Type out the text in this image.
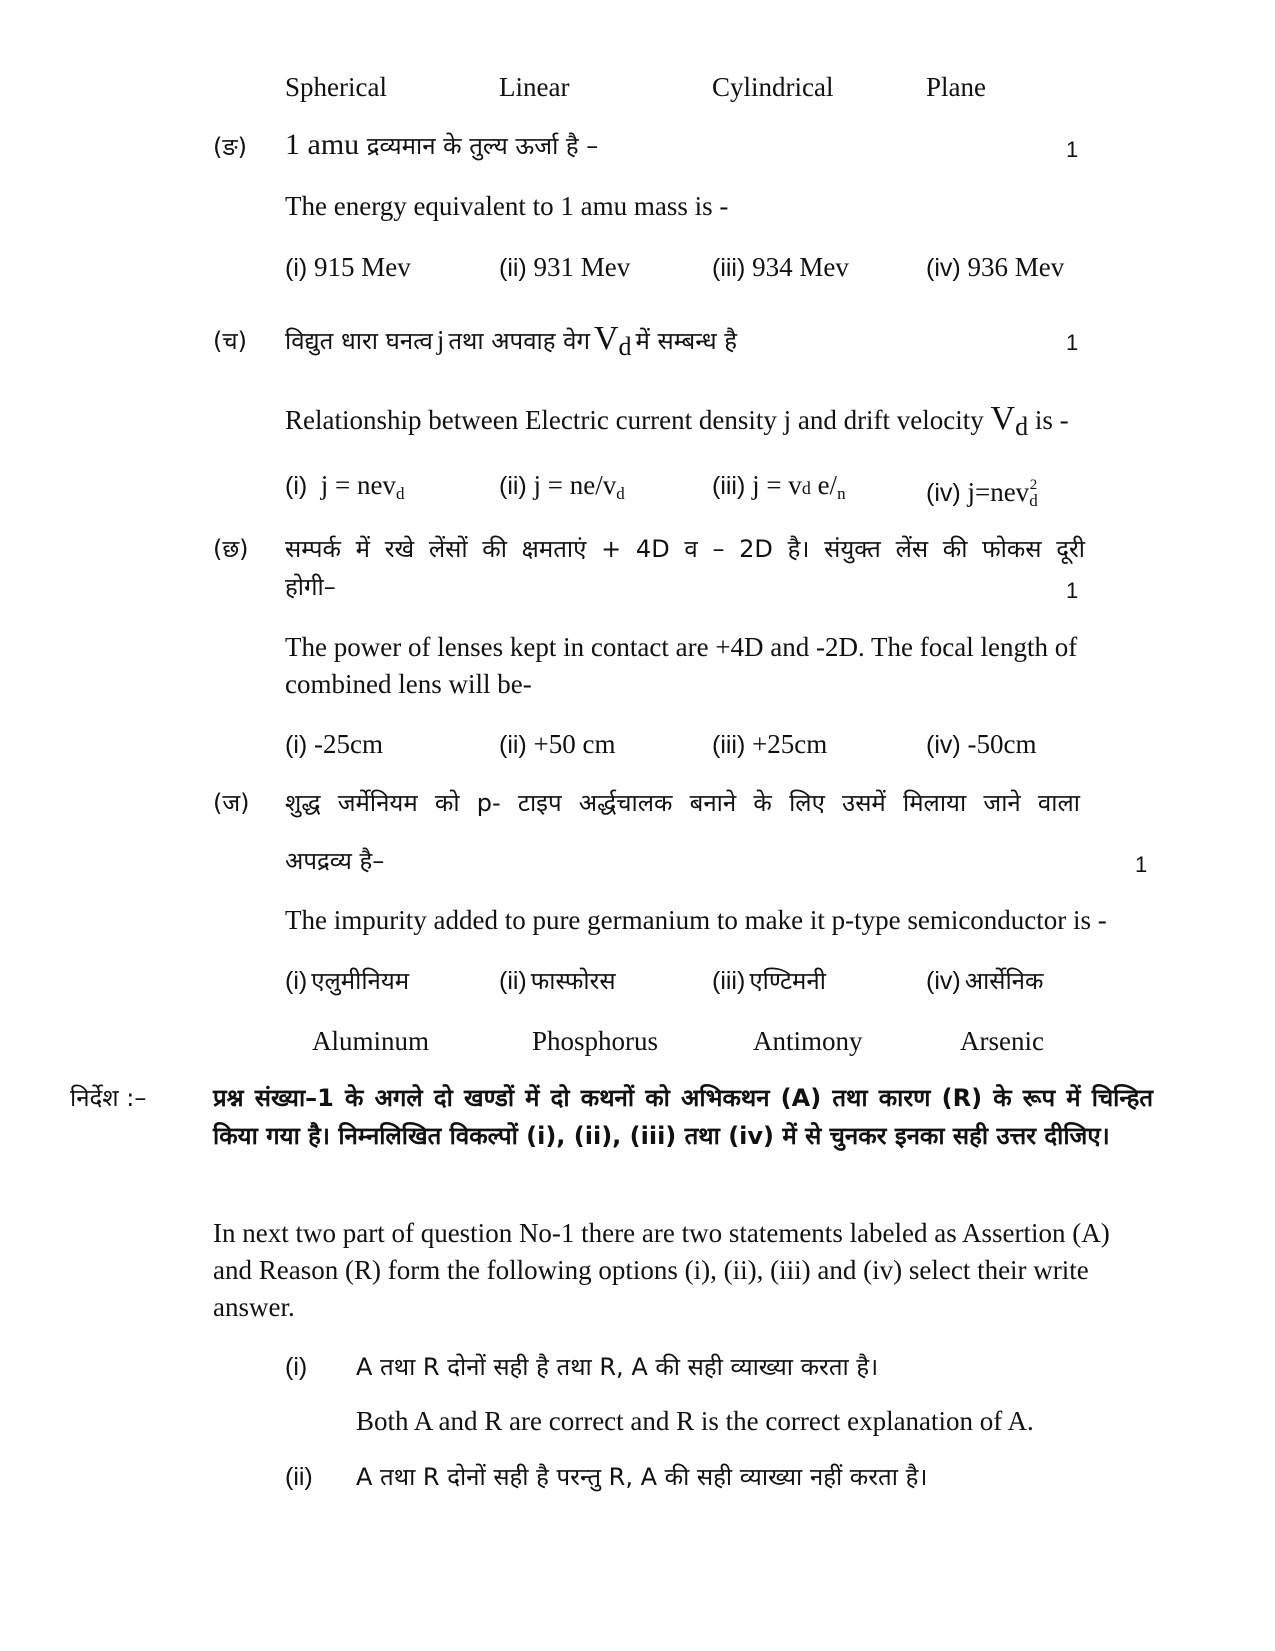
Spherical	Linear	Cylindrical	Plane
(ङ) 1 amu द्रव्यमान के तुल्य ऊर्जा है –	1
The energy equivalent to 1 amu mass is -
(i) 915 Mev	(ii) 931 Mev	(iii) 934 Mev	(iv) 936 Mev
(च) विद्युत धारा घनत्व j तथा अपवाह वेग Vd में सम्बन्ध है	1
Relationship between Electric current density j and drift velocity Vd is -
(i) j = nev$_d$	(ii) $j = ne/v_d$	(iii) j = vd $e/_n$	(iv) j=nev$_d^2$
(छ) सम्पर्क में रखे लेंसों की क्षमताएं + 4D व – 2D है। संयुक्त लेंस की फोकस दूरी
होगी–	1
The power of lenses kept in contact are +4D and -2D. The focal length of combined lens will be-
(i) -25cm	(ii) +50 cm	(iii) +25cm	(iv) -50cm
(ज) शुद्ध जर्मेनियम को p- टाइप अर्द्धचालक बनाने के लिए उसमें मिलाया जाने वाला
अपद्रव्य है–	1
The impurity added to pure germanium to make it p-type semiconductor is -
(i) एलुमीनियम	(ii) फास्फोरस	(iii) एण्टिमनी	(iv) आर्सेनिक
Aluminum	Phosphorus	Antimony	Arsenic
निर्देश :–	प्रश्न संख्या–1 के अगले दो खण्डों में दो कथनों को अभिकथन (A) तथा कारण (R) के रूप में चिन्हित किया गया है। निम्नलिखित विकल्पों (i), (ii), (iii) तथा (iv) में से चुनकर इनका सही उत्तर दीजिए।
In next two part of question No-1 there are two statements labeled as Assertion (A) and Reason (R) form the following options (i), (ii), (iii) and (iv) select their write answer.
(i) A तथा R दोनों सही है तथा R, A की सही व्याख्या करता है।
Both A and R are correct and R is the correct explanation of A.
(ii) A तथा R दोनों सही है परन्तु R, A की सही व्याख्या नहीं करता है।
